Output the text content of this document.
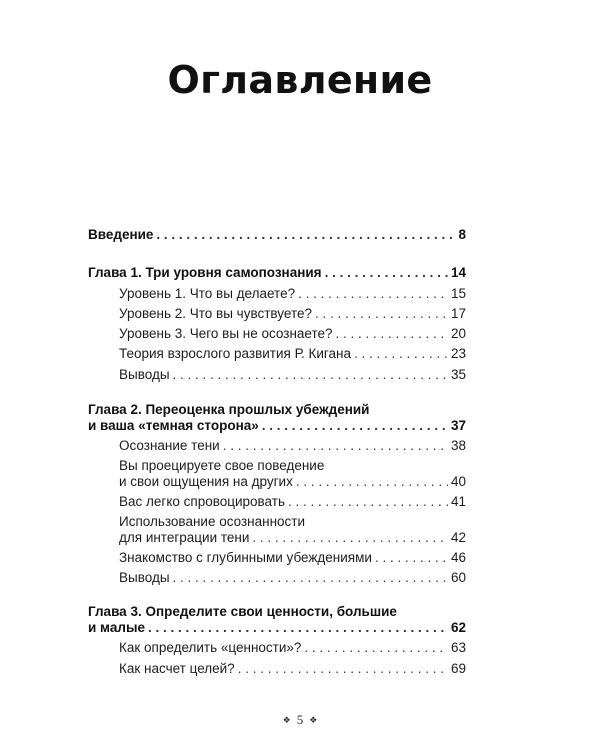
Оглавление
Введение . . .	8
Глава 1. Три уровня самопознания . . .	14
Уровень 1. Что вы делаете? . . .	15
Уровень 2. Что вы чувствуете? . . .	17
Уровень 3. Чего вы не осознаете? . . .	20
Теория взрослого развития Р. Кигана . . .	23
Выводы . . .	35
Глава 2. Переоценка прошлых убеждений
и ваша «темная сторона» . . .	37
Осознание тени . . .	38
Вы проецируете свое поведение
и свои ощущения на других . . .	40
Вас легко спровоцировать . . .	41
Использование осознанности
для интеграции тени . . .	42
Знакомство с глубинными убеждениями . . .	46
Выводы . . .	60
Глава 3. Определите свои ценности, большие
и малые . . .	62
Как определить «ценности»? . . .	63
Как насчет целей? . . .	69
❖ 5 ❖
